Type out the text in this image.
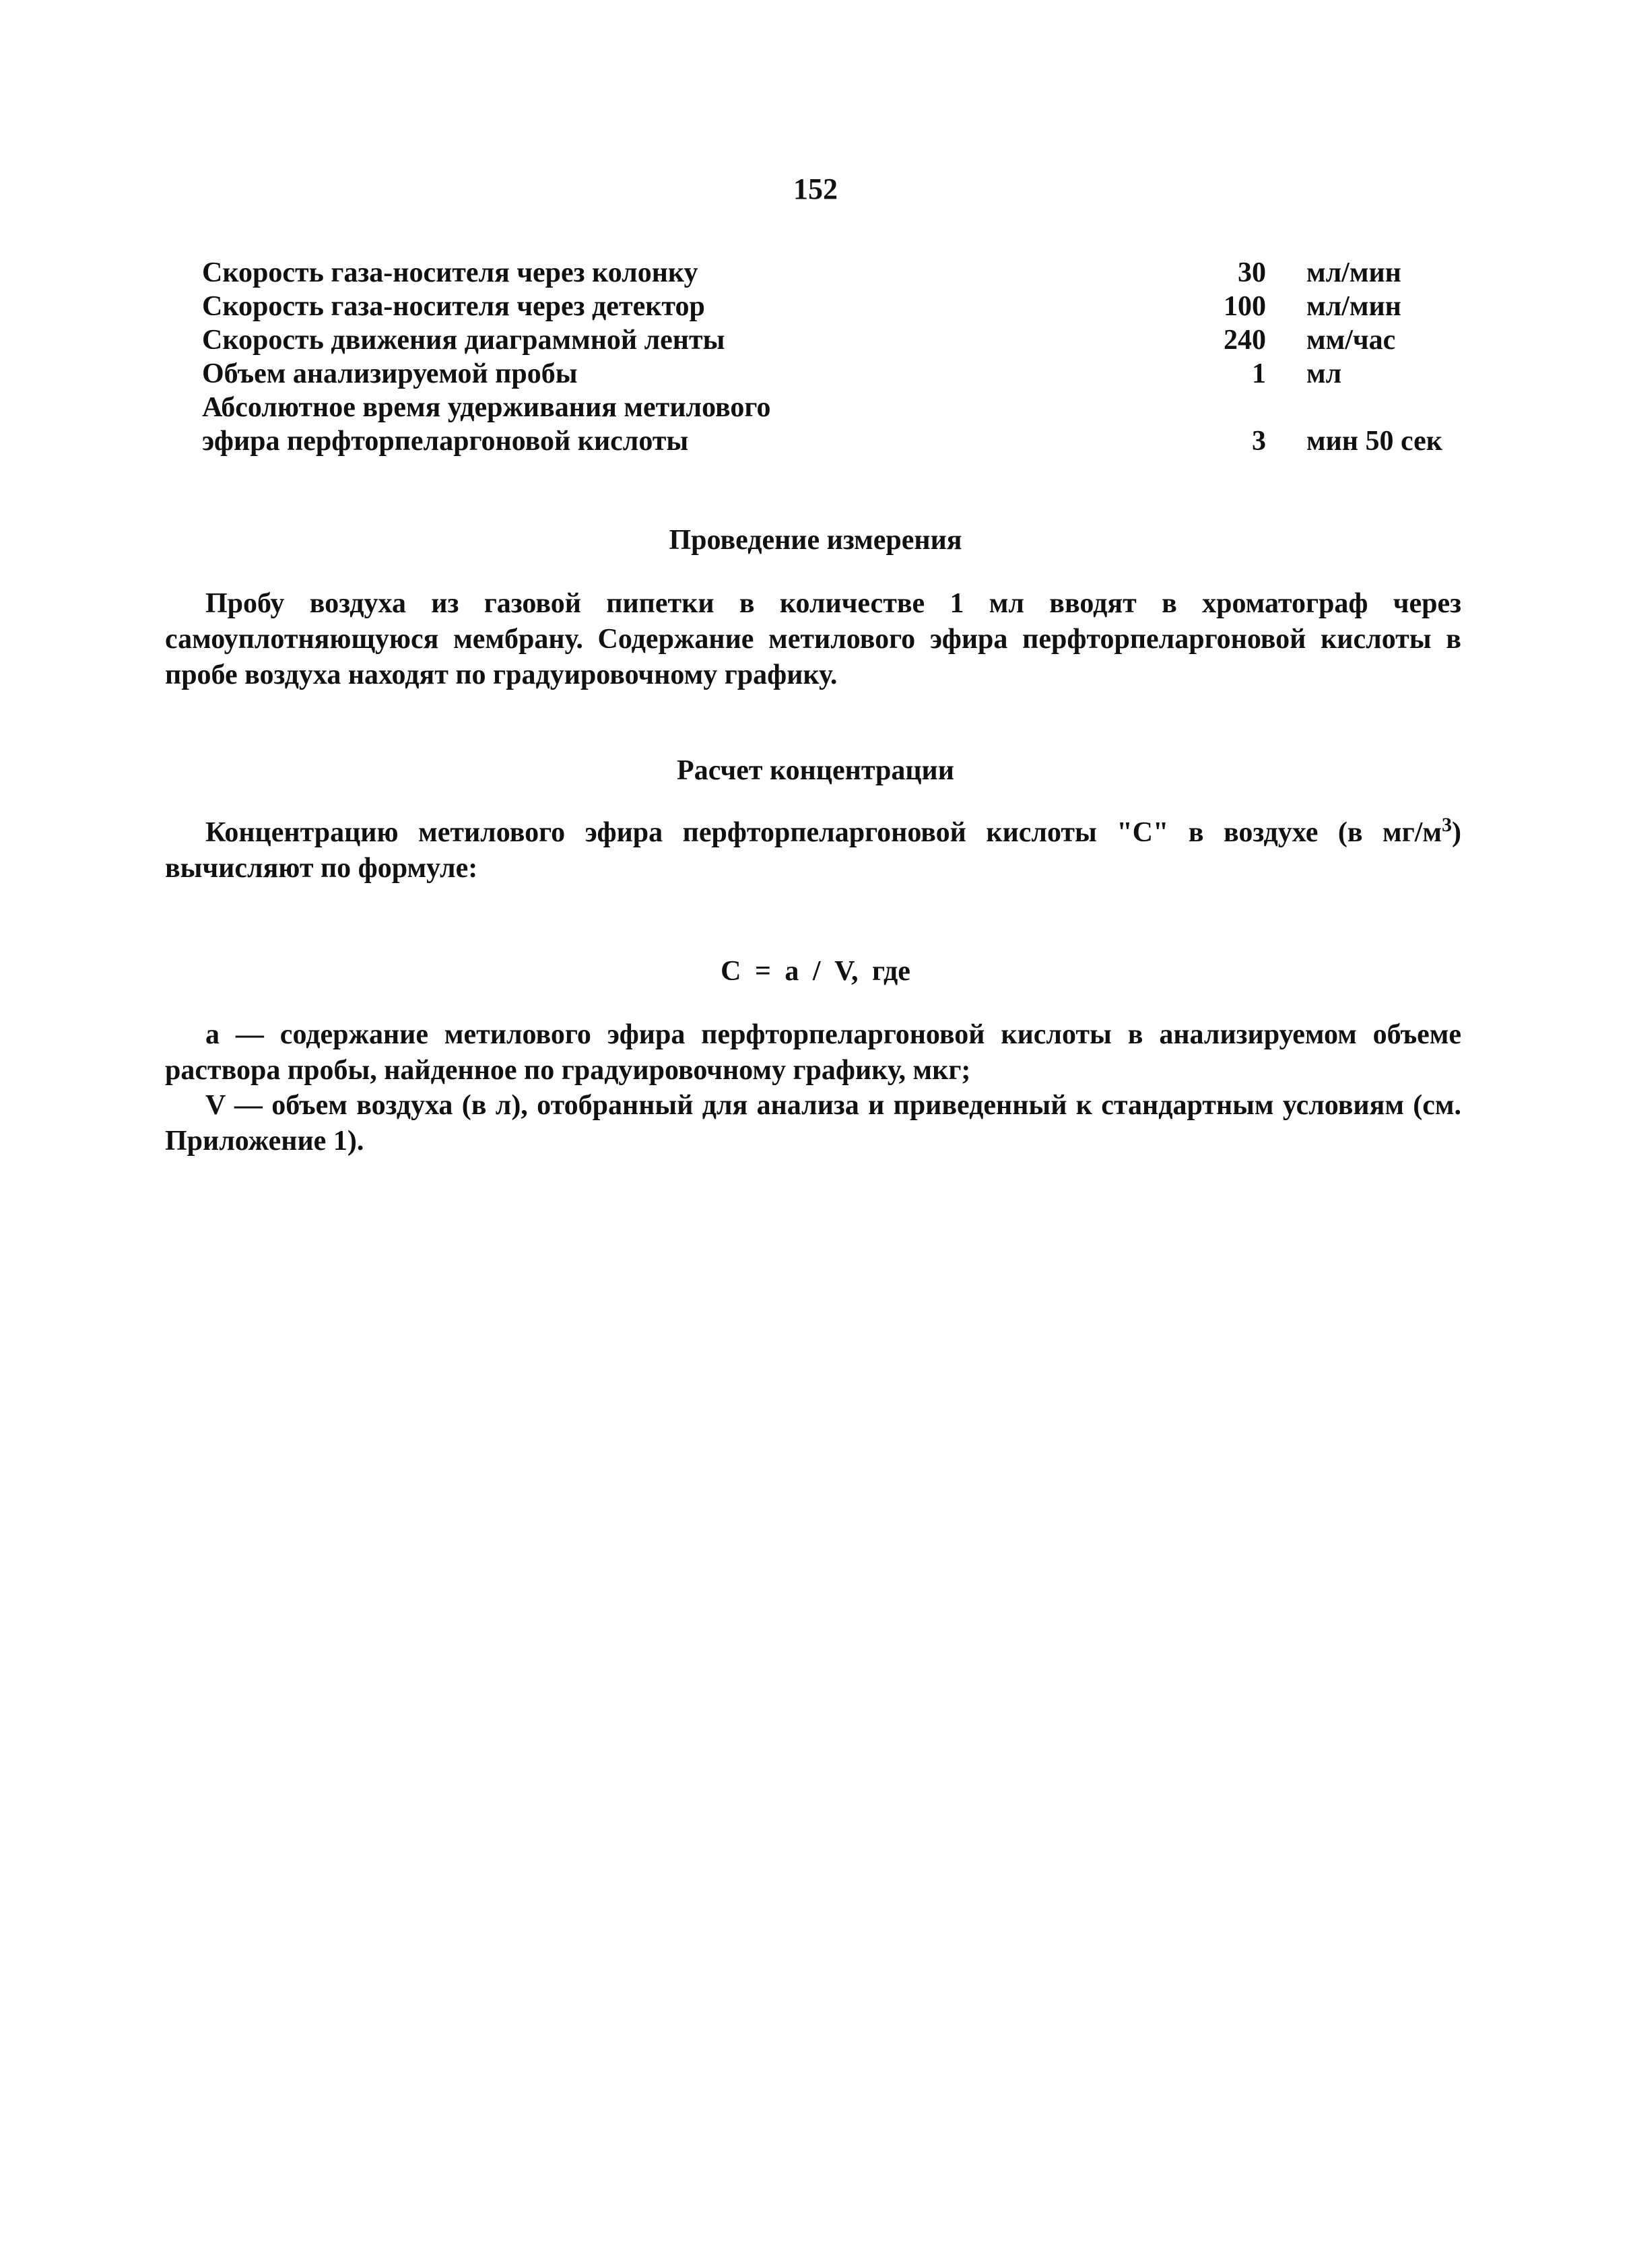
152
Скорость газа-носителя через колонку	30	мл/мин
Скорость газа-носителя через детектор	100	мл/мин
Скорость движения диаграммной ленты	240	мм/час
Объем анализируемой пробы	1	мл
Абсолютное время удерживания метилового
эфира перфторпеларгоновой кислоты	3	мин 50 сек
Проведение измерения
Пробу воздуха из газовой пипетки в количестве 1 мл вводят в хроматограф через самоуплотняющуюся мембрану. Содержание метилового эфира перфторпеларгоновой кислоты в пробе воздуха находят по градуировочному графику.
Расчет концентрации
Концентрацию метилового эфира перфторпеларгоновой кислоты "С" в воздухе (в $мг/м^3$) вычисляют по формуле:
С = а / V, где
а — содержание метилового эфира перфторпеларгоновой кислоты в анализируемом объеме раствора пробы, найденное по градуировочному графику, мкг;
V — объем воздуха (в л), отобранный для анализа и приведенный к стандартным условиям (см. Приложение 1).
